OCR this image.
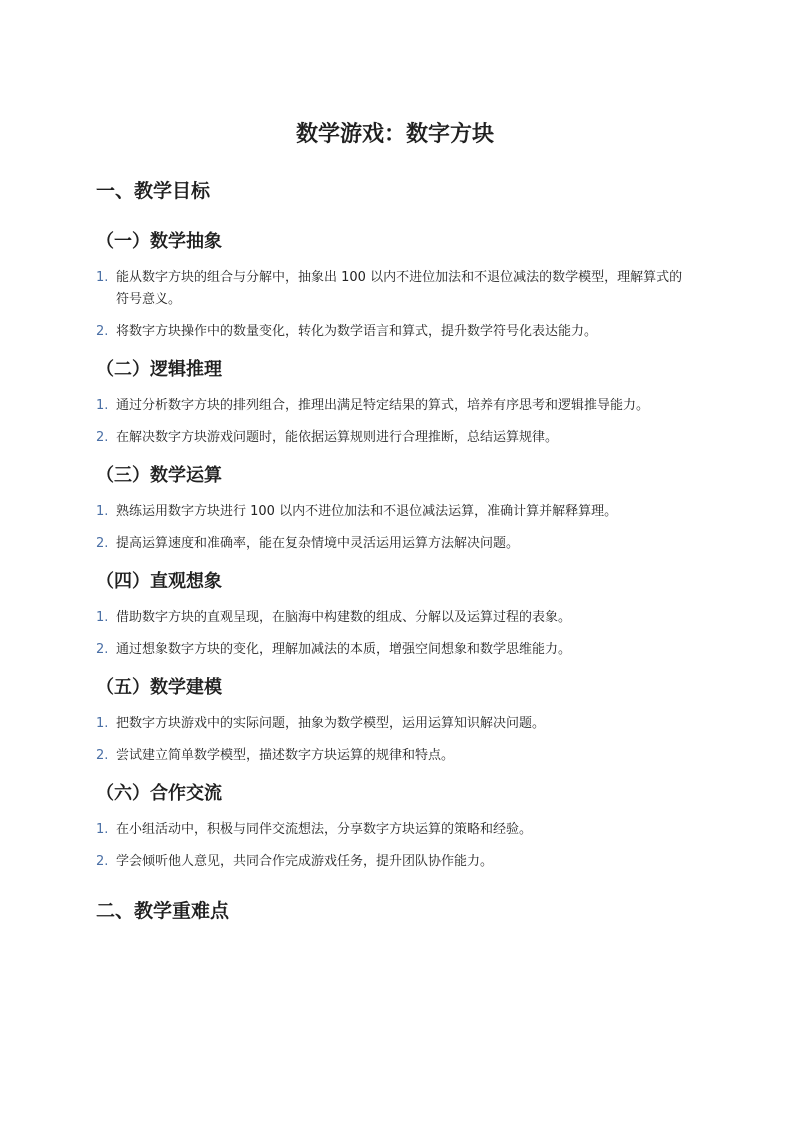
数学游戏：数字方块
一、教学目标
（一）数学抽象
1. 能从数字方块的组合与分解中，抽象出 100 以内不进位加法和不退位减法的数学模型，理解算式的符号意义。
2. 将数字方块操作中的数量变化，转化为数学语言和算式，提升数学符号化表达能力。
（二）逻辑推理
1. 通过分析数字方块的排列组合，推理出满足特定结果的算式，培养有序思考和逻辑推导能力。
2. 在解决数字方块游戏问题时，能依据运算规则进行合理推断，总结运算规律。
（三）数学运算
1. 熟练运用数字方块进行 100 以内不进位加法和不退位减法运算，准确计算并解释算理。
2. 提高运算速度和准确率，能在复杂情境中灵活运用运算方法解决问题。
（四）直观想象
1. 借助数字方块的直观呈现，在脑海中构建数的组成、分解以及运算过程的表象。
2. 通过想象数字方块的变化，理解加减法的本质，增强空间想象和数学思维能力。
（五）数学建模
1. 把数字方块游戏中的实际问题，抽象为数学模型，运用运算知识解决问题。
2. 尝试建立简单数学模型，描述数字方块运算的规律和特点。
（六）合作交流
1. 在小组活动中，积极与同伴交流想法，分享数字方块运算的策略和经验。
2. 学会倾听他人意见，共同合作完成游戏任务，提升团队协作能力。
二、教学重难点
